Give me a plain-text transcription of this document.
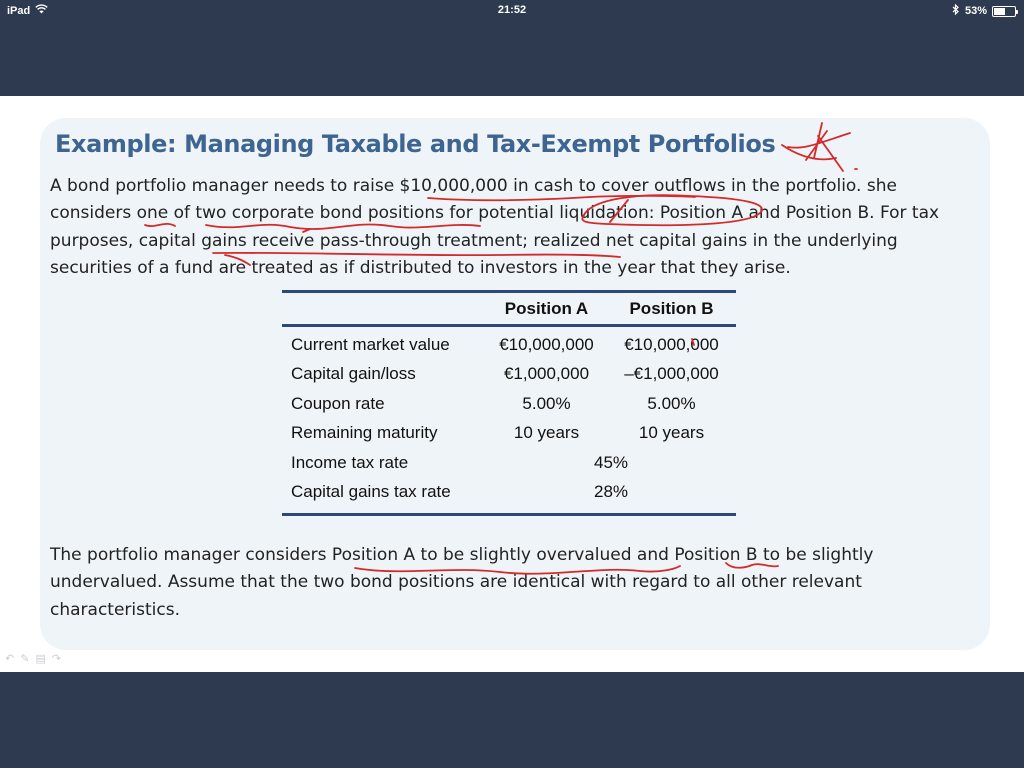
iPad	21:52	53%
Example: Managing Taxable and Tax-Exempt Portfolios
A bond portfolio manager needs to raise $10,000,000 in cash to cover outflows in the portfolio. she considers one of two corporate bond positions for potential liquidation: Position A and Position B. For tax purposes, capital gains receive pass-through treatment; realized net capital gains in the underlying securities of a fund are treated as if distributed to investors in the year that they arise.
Position A	Position B
Current market value	€10,000,000	€10,000,000
Capital gain/loss	€1,000,000	–€1,000,000
Coupon rate	5.00%	5.00%
Remaining maturity	10 years	10 years
Income tax rate	45%
Capital gains tax rate	28%
The portfolio manager considers Position A to be slightly overvalued and Position B to be slightly undervalued. Assume that the two bond positions are identical with regard to all other relevant characteristics.
↶ ✎ ▤ ↷
